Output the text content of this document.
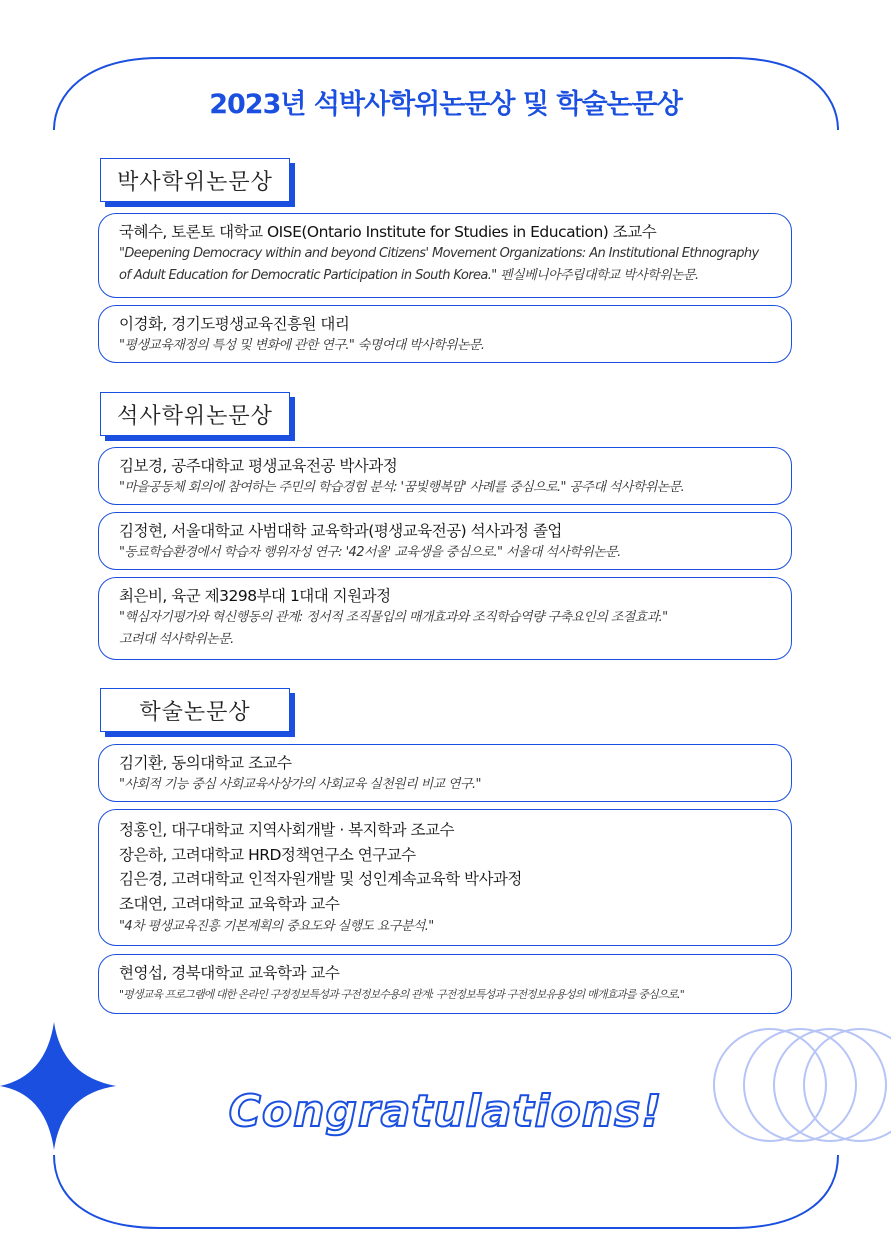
2023년 석박사학위논문상 및 학술논문상
박사학위논문상
국혜수, 토론토 대학교 OISE(Ontario Institute for Studies in Education) 조교수
"Deepening Democracy within and beyond Citizens' Movement Organizations: An Institutional Ethnography
of Adult Education for Democratic Participation in South Korea." 펜실베니아주립대학교 박사학위논문.
이경화, 경기도평생교육진흥원 대리
"평생교육재정의 특성 및 변화에 관한 연구." 숙명여대 박사학위논문.
석사학위논문상
김보경, 공주대학교 평생교육전공 박사과정
"마을공동체 회의에 참여하는 주민의 학습경험 분석: '꿈빛행복맘' 사례를 중심으로." 공주대 석사학위논문.
김정현, 서울대학교 사범대학 교육학과(평생교육전공) 석사과정 졸업
"동료학습환경에서 학습자 행위자성 연구: '42서울' 교육생을 중심으로." 서울대 석사학위논문.
최은비, 육군 제3298부대 1대대 지원과정
"핵심자기평가와 혁신행동의 관계: 정서적 조직몰입의 매개효과와 조직학습역량 구축요인의 조절효과."
고려대 석사학위논문.
학술논문상
김기환, 동의대학교 조교수
"사회적 기능 중심 사회교육사상가의 사회교육 실천원리 비교 연구."
정홍인, 대구대학교 지역사회개발 · 복지학과 조교수
장은하, 고려대학교 HRD정책연구소 연구교수
김은경, 고려대학교 인적자원개발 및 성인계속교육학 박사과정
조대연, 고려대학교 교육학과 교수
"4차 평생교육진흥 기본계획의 중요도와 실행도 요구분석."
현영섭, 경북대학교 교육학과 교수
"평생교육 프로그램에 대한 온라인 구정정보특성과 구전정보수용의 관계: 구전정보특성과 구전정보유용성의 매개효과를 중심으로."
Congratulations!
